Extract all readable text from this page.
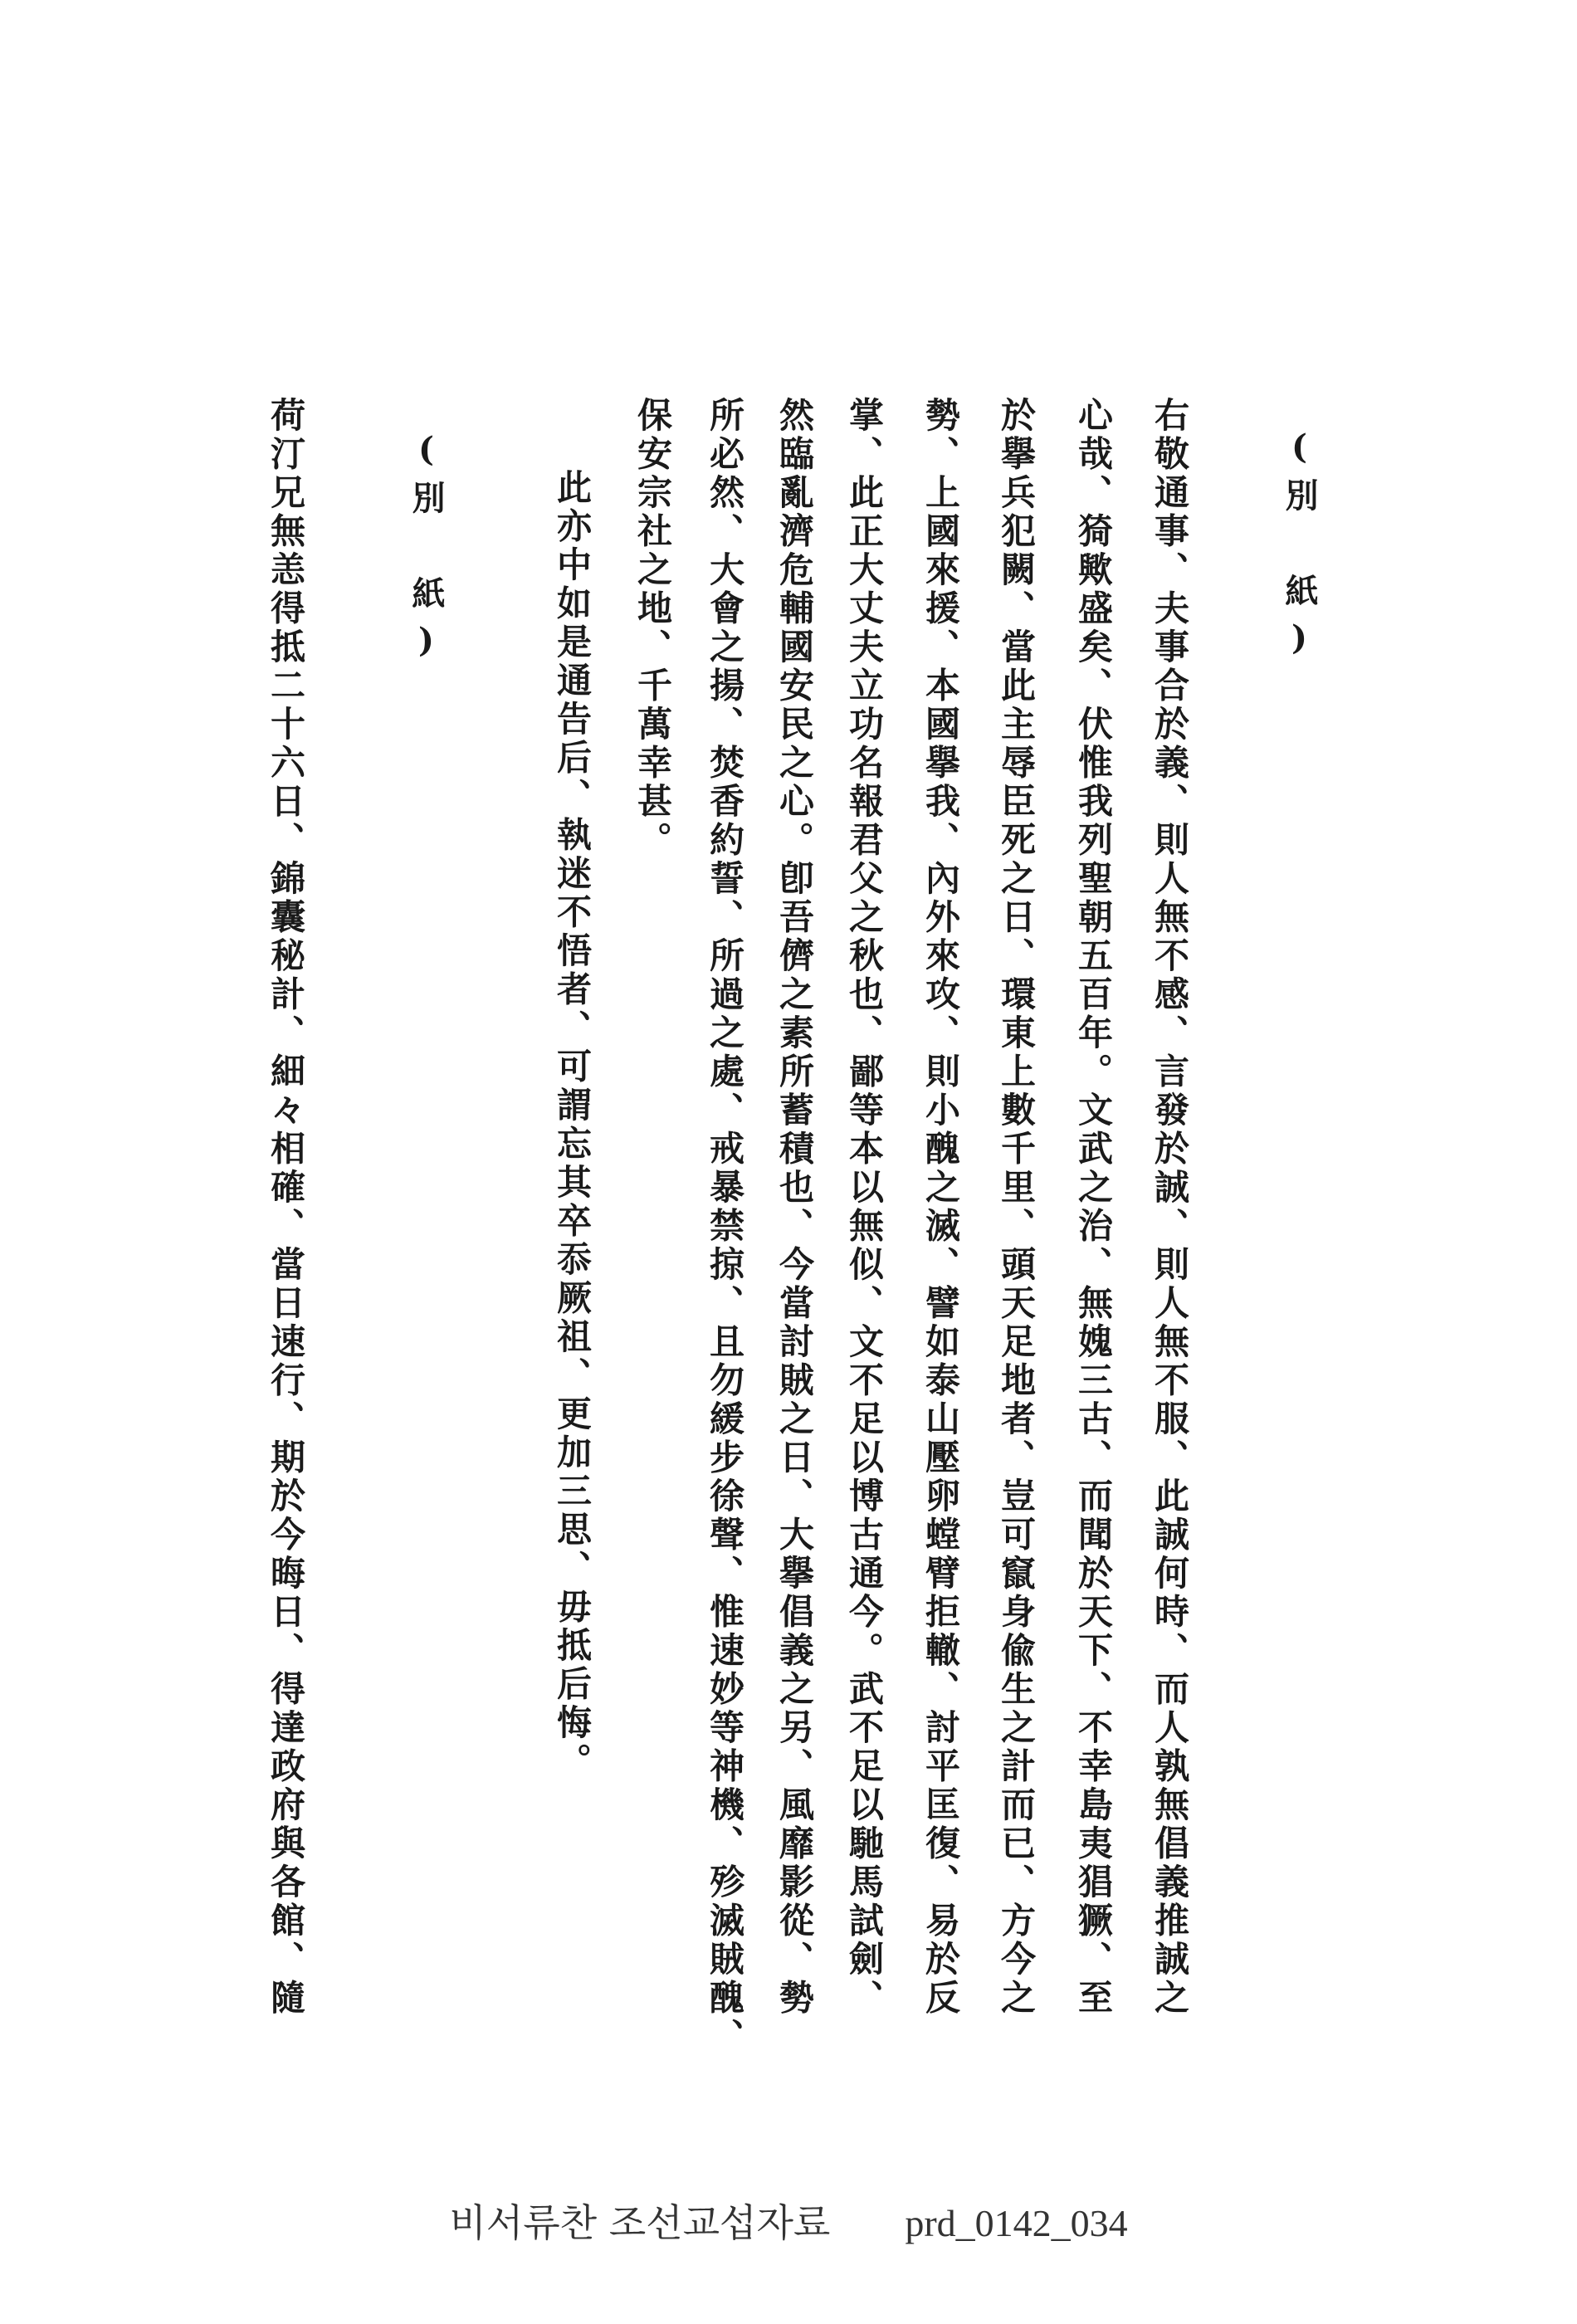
(別 紙)
右敬通事、夫事合於義、則人無不感、言發於誠、則人無不服、此誠何時、而人孰無倡義推誠之
心哉、猗歟盛矣、伏惟我列聖朝五百年。文武之治、無媿三古、而聞於天下、不幸島夷猖獗、至
於擧兵犯闕、當此主辱臣死之日、環東上數千里、頭天足地者、豈可竄身偸生之計而已、方今之
勢、上國來援、本國擧我、內外來攻、則小醜之滅、譬如泰山壓卵螳臂拒轍、討平匡復、易於反
掌、此正大丈夫立功名報君父之秋也、鄙等本以無似、文不足以博古通今。武不足以馳馬試劍、
然臨亂濟危輔國安民之心。卽吾儕之素所蓄積也、今當討賊之日、大擧倡義之另、風靡影從、勢
所必然、大會之揚、焚香約誓、所過之處、戒暴禁掠、且勿緩步徐聲、惟速妙等神機、殄滅賊醜、
保安宗社之地、千萬幸甚。
此亦中如是通告后、執迷不悟者、可謂忘其卒忝厥祖、更加三思、毋抵后悔。
(別 紙)
荷汀兄無恙得抵二十六日、錦囊秘計、細々相確、當日速行、期於今晦日、得達政府與各館、隨
비서류찬 조선교섭자료 prd_0142_034
